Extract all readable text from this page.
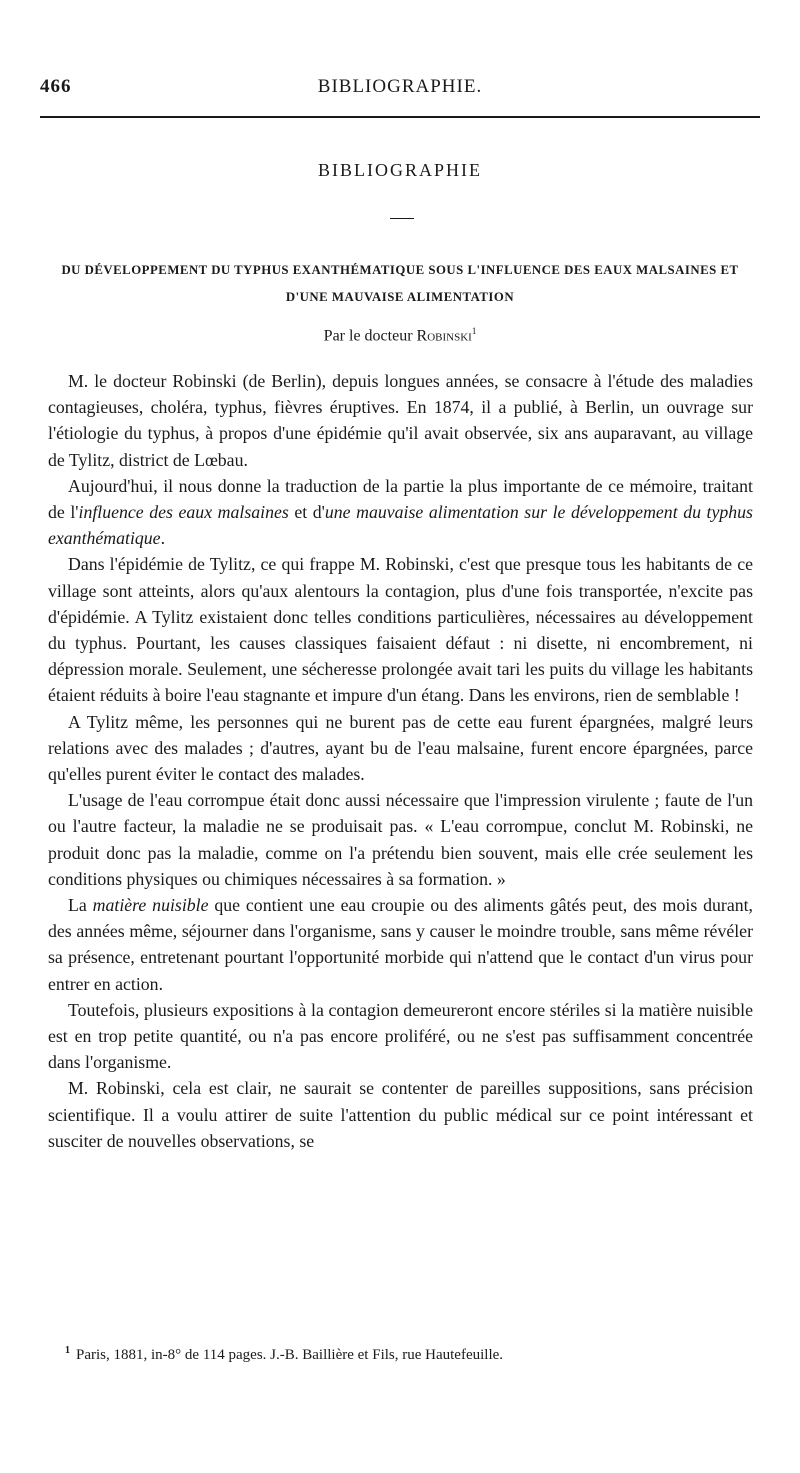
466	BIBLIOGRAPHIE.
BIBLIOGRAPHIE
DU DÉVELOPPEMENT DU TYPHUS EXANTHÉMATIQUE SOUS L'INFLUENCE DES EAUX MALSAINES ET D'UNE MAUVAISE ALIMENTATION
Par le docteur Robinski$^1$

M. le docteur Robinski (de Berlin), depuis longues années, se consacre à l'étude des maladies contagieuses, choléra, typhus, fièvres éruptives. En 1874, il a publié, à Berlin, un ouvrage sur l'étiologie du typhus, à propos d'une épidémie qu'il avait observée, six ans auparavant, au village de Tylitz, district de Lœbau.

Aujourd'hui, il nous donne la traduction de la partie la plus importante de ce mémoire, traitant de l'influence des eaux malsaines et d'une mauvaise alimentation sur le développement du typhus exanthématique.

Dans l'épidémie de Tylitz, ce qui frappe M. Robinski, c'est que presque tous les habitants de ce village sont atteints, alors qu'aux alentours la contagion, plus d'une fois transportée, n'excite pas d'épidémie. A Tylitz existaient donc telles conditions particulières, nécessaires au développement du typhus. Pourtant, les causes classiques faisaient défaut : ni disette, ni encombrement, ni dépression morale. Seulement, une sécheresse prolongée avait tari les puits du village les habitants étaient réduits à boire l'eau stagnante et impure d'un étang. Dans les environs, rien de semblable !

A Tylitz même, les personnes qui ne burent pas de cette eau furent épargnées, malgré leurs relations avec des malades ; d'autres, ayant bu de l'eau malsaine, furent encore épargnées, parce qu'elles purent éviter le contact des malades.

L'usage de l'eau corrompue était donc aussi nécessaire que l'impression virulente ; faute de l'un ou l'autre facteur, la maladie ne se produisait pas. « L'eau corrompue, conclut M. Robinski, ne produit donc pas la maladie, comme on l'a prétendu bien souvent, mais elle crée seulement les conditions physiques ou chimiques nécessaires à sa formation. »

La matière nuisible que contient une eau croupie ou des aliments gâtés peut, des mois durant, des années même, séjourner dans l'organisme, sans y causer le moindre trouble, sans même révéler sa présence, entretenant pourtant l'opportunité morbide qui n'attend que le contact d'un virus pour entrer en action.

Toutefois, plusieurs expositions à la contagion demeureront encore stériles si la matière nuisible est en trop petite quantité, ou n'a pas encore proliféré, ou ne s'est pas suffisamment concentrée dans l'organisme.

M. Robinski, cela est clair, ne saurait se contenter de pareilles suppositions, sans précision scientifique. Il a voulu attirer de suite l'attention du public médical sur ce point intéressant et susciter de nouvelles observations, se

$^1$ Paris, 1881, in-8° de 114 pages. J.-B. Baillière et Fils, rue Hautefeuille.
